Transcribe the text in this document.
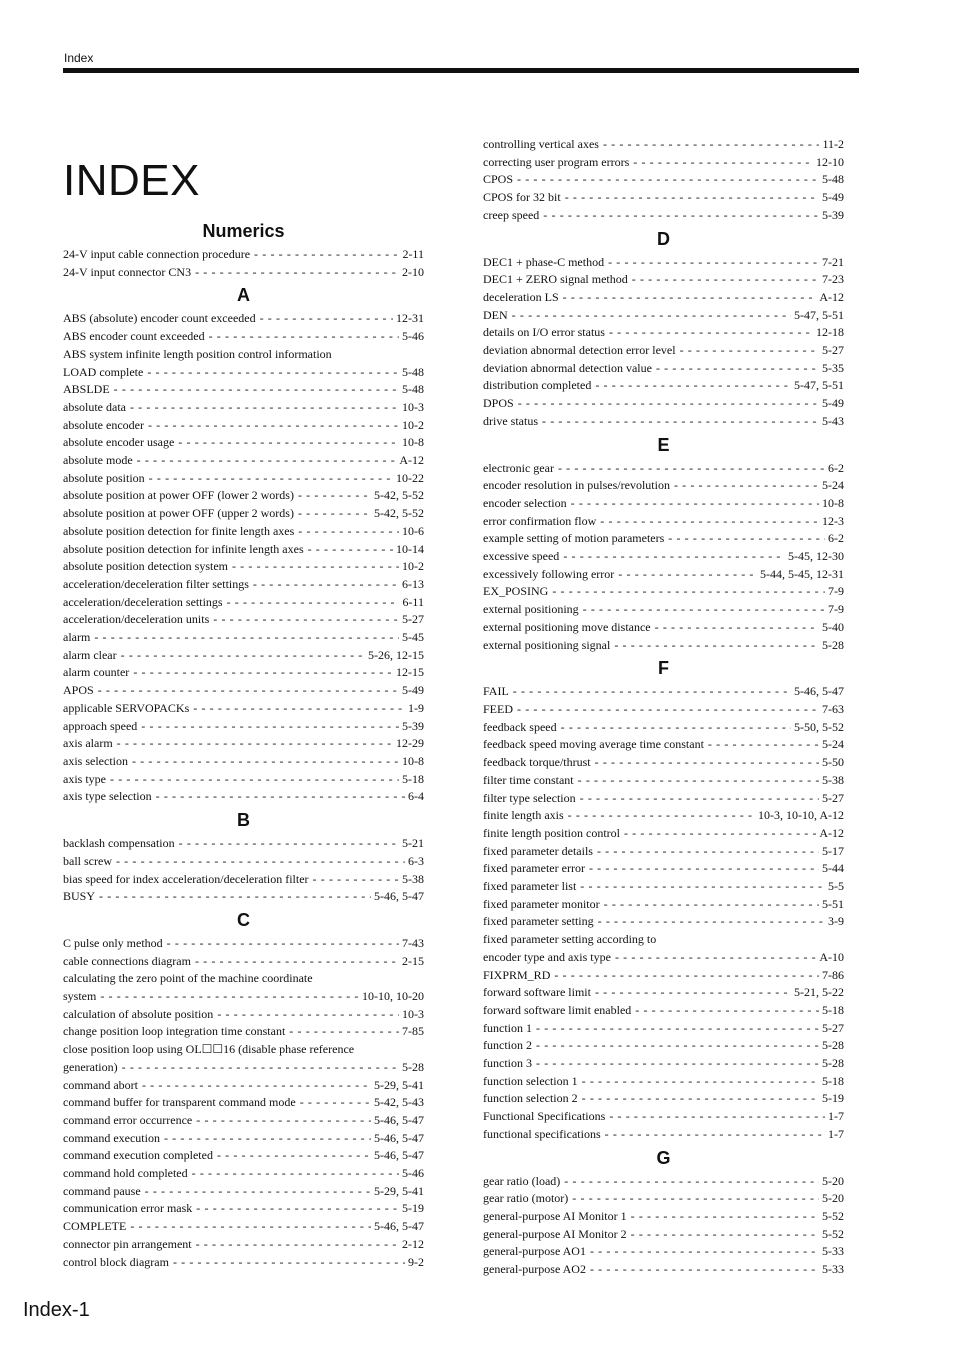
Index
INDEX
Numerics
24-V input cable connection procedure - - -	2-11
24-V input connector CN3 - - -	2-10
A
ABS (absolute) encoder count exceeded - - -	12-31
ABS encoder count exceeded - - -	5-46
ABS system infinite length position control information
LOAD complete - - -	5-48
ABSLDE - - -	5-48
absolute data - - -	10-3
absolute encoder - - -	10-2
absolute encoder usage - - -	10-8
absolute mode - - -	A-12
absolute position - - -	10-22
absolute position at power OFF (lower 2 words) - - -	5-42, 5-52
absolute position at power OFF (upper 2 words) - - -	5-42, 5-52
absolute position detection for finite length axes - - -	10-6
absolute position detection for infinite length axes - - -	10-14
absolute position detection system - - -	10-2
acceleration/deceleration filter settings - - -	6-13
acceleration/deceleration settings - - -	6-11
acceleration/deceleration units - - -	5-27
alarm - - -	5-45
alarm clear - - -	5-26, 12-15
alarm counter - - -	12-15
APOS - - -	5-49
applicable SERVOPACKs - - -	1-9
approach speed - - -	5-39
axis alarm - - -	12-29
axis selection - - -	10-8
axis type - - -	5-18
axis type selection - - -	6-4
B
backlash compensation - - -	5-21
ball screw - - -	6-3
bias speed for index acceleration/deceleration filter - - -	5-38
BUSY - - -	5-46, 5-47
C
C pulse only method - - -	7-43
cable connections diagram - - -	2-15
calculating the zero point of the machine coordinate
system - - -	10-10, 10-20
calculation of absolute position - - -	10-3
change position loop integration time constant - - -	7-85
close position loop using OL☐☐16 (disable phase reference
generation) - - -	5-28
command abort - - -	5-29, 5-41
command buffer for transparent command mode - - -	5-42, 5-43
command error occurrence - - -	5-46, 5-47
command execution - - -	5-46, 5-47
command execution completed - - -	5-46, 5-47
command hold completed - - -	5-46
command pause - - -	5-29, 5-41
communication error mask - - -	5-19
COMPLETE - - -	5-46, 5-47
connector pin arrangement - - -	2-12
control block diagram - - -	9-2
controlling vertical axes - - -	11-2
correcting user program errors - - -	12-10
CPOS - - -	5-48
CPOS for 32 bit - - -	5-49
creep speed - - -	5-39
D
DEC1 + phase-C method - - -	7-21
DEC1 + ZERO signal method - - -	7-23
deceleration LS - - -	A-12
DEN - - -	5-47, 5-51
details on I/O error status - - -	12-18
deviation abnormal detection error level - - -	5-27
deviation abnormal detection value - - -	5-35
distribution completed - - -	5-47, 5-51
DPOS - - -	5-49
drive status - - -	5-43
E
electronic gear - - -	6-2
encoder resolution in pulses/revolution - - -	5-24
encoder selection - - -	10-8
error confirmation flow - - -	12-3
example setting of motion parameters - - -	6-2
excessive speed - - -	5-45, 12-30
excessively following error - - -	5-44, 5-45, 12-31
EX_POSING - - -	7-9
external positioning - - -	7-9
external positioning move distance - - -	5-40
external positioning signal - - -	5-28
F
FAIL - - -	5-46, 5-47
FEED - - -	7-63
feedback speed - - -	5-50, 5-52
feedback speed moving average time constant - - -	5-24
feedback torque/thrust - - -	5-50
filter time constant - - -	5-38
filter type selection - - -	5-27
finite length axis - - -	10-3, 10-10, A-12
finite length position control - - -	A-12
fixed parameter details - - -	5-17
fixed parameter error - - -	5-44
fixed parameter list - - -	5-5
fixed parameter monitor - - -	5-51
fixed parameter setting - - -	3-9
fixed parameter setting according to
encoder type and axis type - - -	A-10
FIXPRM_RD - - -	7-86
forward software limit - - -	5-21, 5-22
forward software limit enabled - - -	5-18
function 1 - - -	5-27
function 2 - - -	5-28
function 3 - - -	5-28
function selection 1 - - -	5-18
function selection 2 - - -	5-19
Functional Specifications - - -	1-7
functional specifications - - -	1-7
G
gear ratio (load) - - -	5-20
gear ratio (motor) - - -	5-20
general-purpose AI Monitor 1 - - -	5-52
general-purpose AI Monitor 2 - - -	5-52
general-purpose AO1 - - -	5-33
general-purpose AO2 - - -	5-33
Index-1
